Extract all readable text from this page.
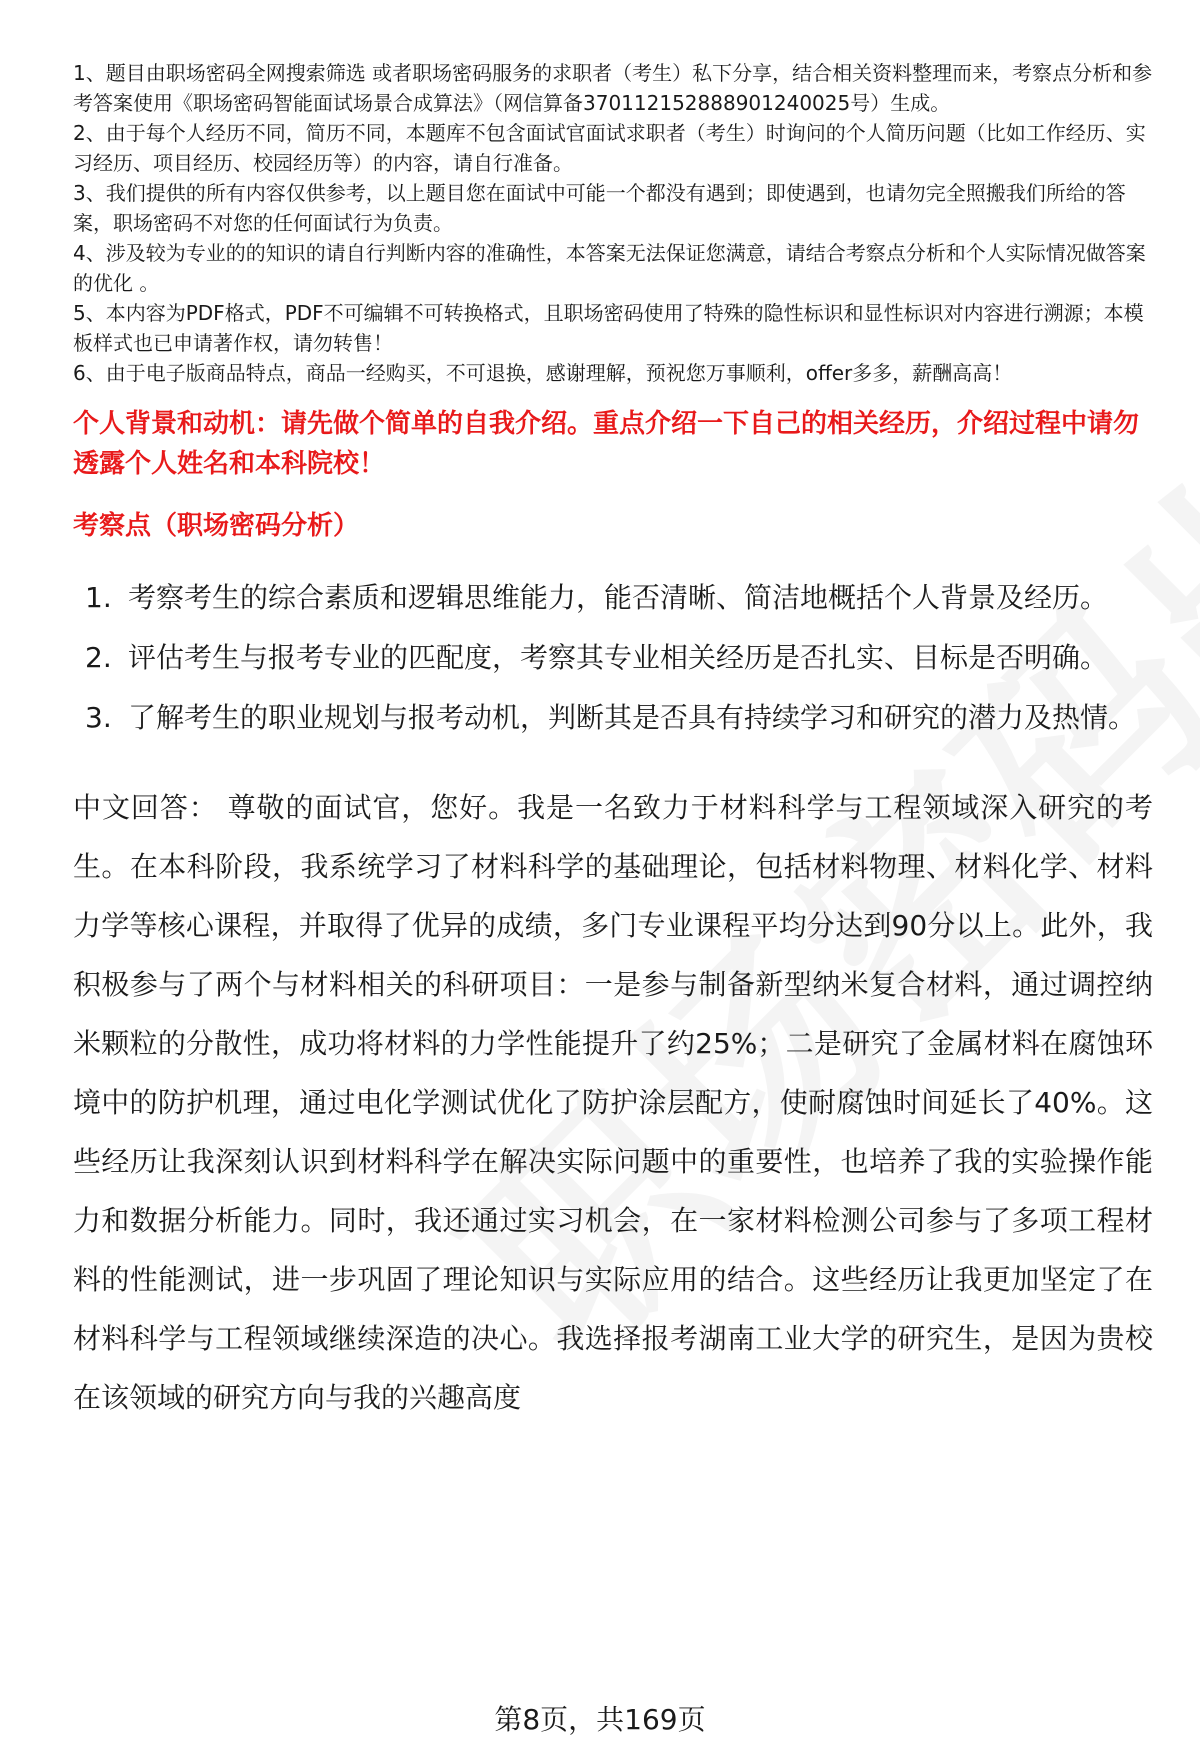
1、题目由职场密码全网搜索筛选 或者职场密码服务的求职者（考生）私下分享，结合相关资料整理而来，考察点分析和参考答案使用《职场密码智能面试场景合成算法》（网信算备370112152888901240025号）生成。
2、由于每个人经历不同，简历不同，本题库不包含面试官面试求职者（考生）时询问的个人简历问题（比如工作经历、实习经历、项目经历、校园经历等）的内容，请自行准备。
3、我们提供的所有内容仅供参考，以上题目您在面试中可能一个都没有遇到；即使遇到，也请勿完全照搬我们所给的答案，职场密码不对您的任何面试行为负责。
4、涉及较为专业的的知识的请自行判断内容的准确性，本答案无法保证您满意，请结合考察点分析和个人实际情况做答案的优化 。
5、本内容为PDF格式，PDF不可编辑不可转换格式，且职场密码使用了特殊的隐性标识和显性标识对内容进行溯源；本模板样式也已申请著作权，请勿转售！
6、由于电子版商品特点，商品一经购买，不可退换，感谢理解，预祝您万事顺利，offer多多，薪酬高高！
个人背景和动机：请先做个简单的自我介绍。重点介绍一下自己的相关经历，介绍过程中请勿透露个人姓名和本科院校！
考察点（职场密码分析）
1. 考察考生的综合素质和逻辑思维能力，能否清晰、简洁地概括个人背景及经历。
2. 评估考生与报考专业的匹配度，考察其专业相关经历是否扎实、目标是否明确。
3. 了解考生的职业规划与报考动机，判断其是否具有持续学习和研究的潜力及热情。
中文回答： 尊敬的面试官，您好。我是一名致力于材料科学与工程领域深入研究的考生。在本科阶段，我系统学习了材料科学的基础理论，包括材料物理、材料化学、材料力学等核心课程，并取得了优异的成绩，多门专业课程平均分达到90分以上。此外，我积极参与了两个与材料相关的科研项目：一是参与制备新型纳米复合材料，通过调控纳米颗粒的分散性，成功将材料的力学性能提升了约25%；二是研究了金属材料在腐蚀环境中的防护机理，通过电化学测试优化了防护涂层配方，使耐腐蚀时间延长了40%。这些经历让我深刻认识到材料科学在解决实际问题中的重要性，也培养了我的实验操作能力和数据分析能力。同时，我还通过实习机会，在一家材料检测公司参与了多项工程材料的性能测试，进一步巩固了理论知识与实际应用的结合。这些经历让我更加坚定了在材料科学与工程领域继续深造的决心。我选择报考湖南工业大学的研究生，是因为贵校在该领域的研究方向与我的兴趣高度
第8页，共169页
